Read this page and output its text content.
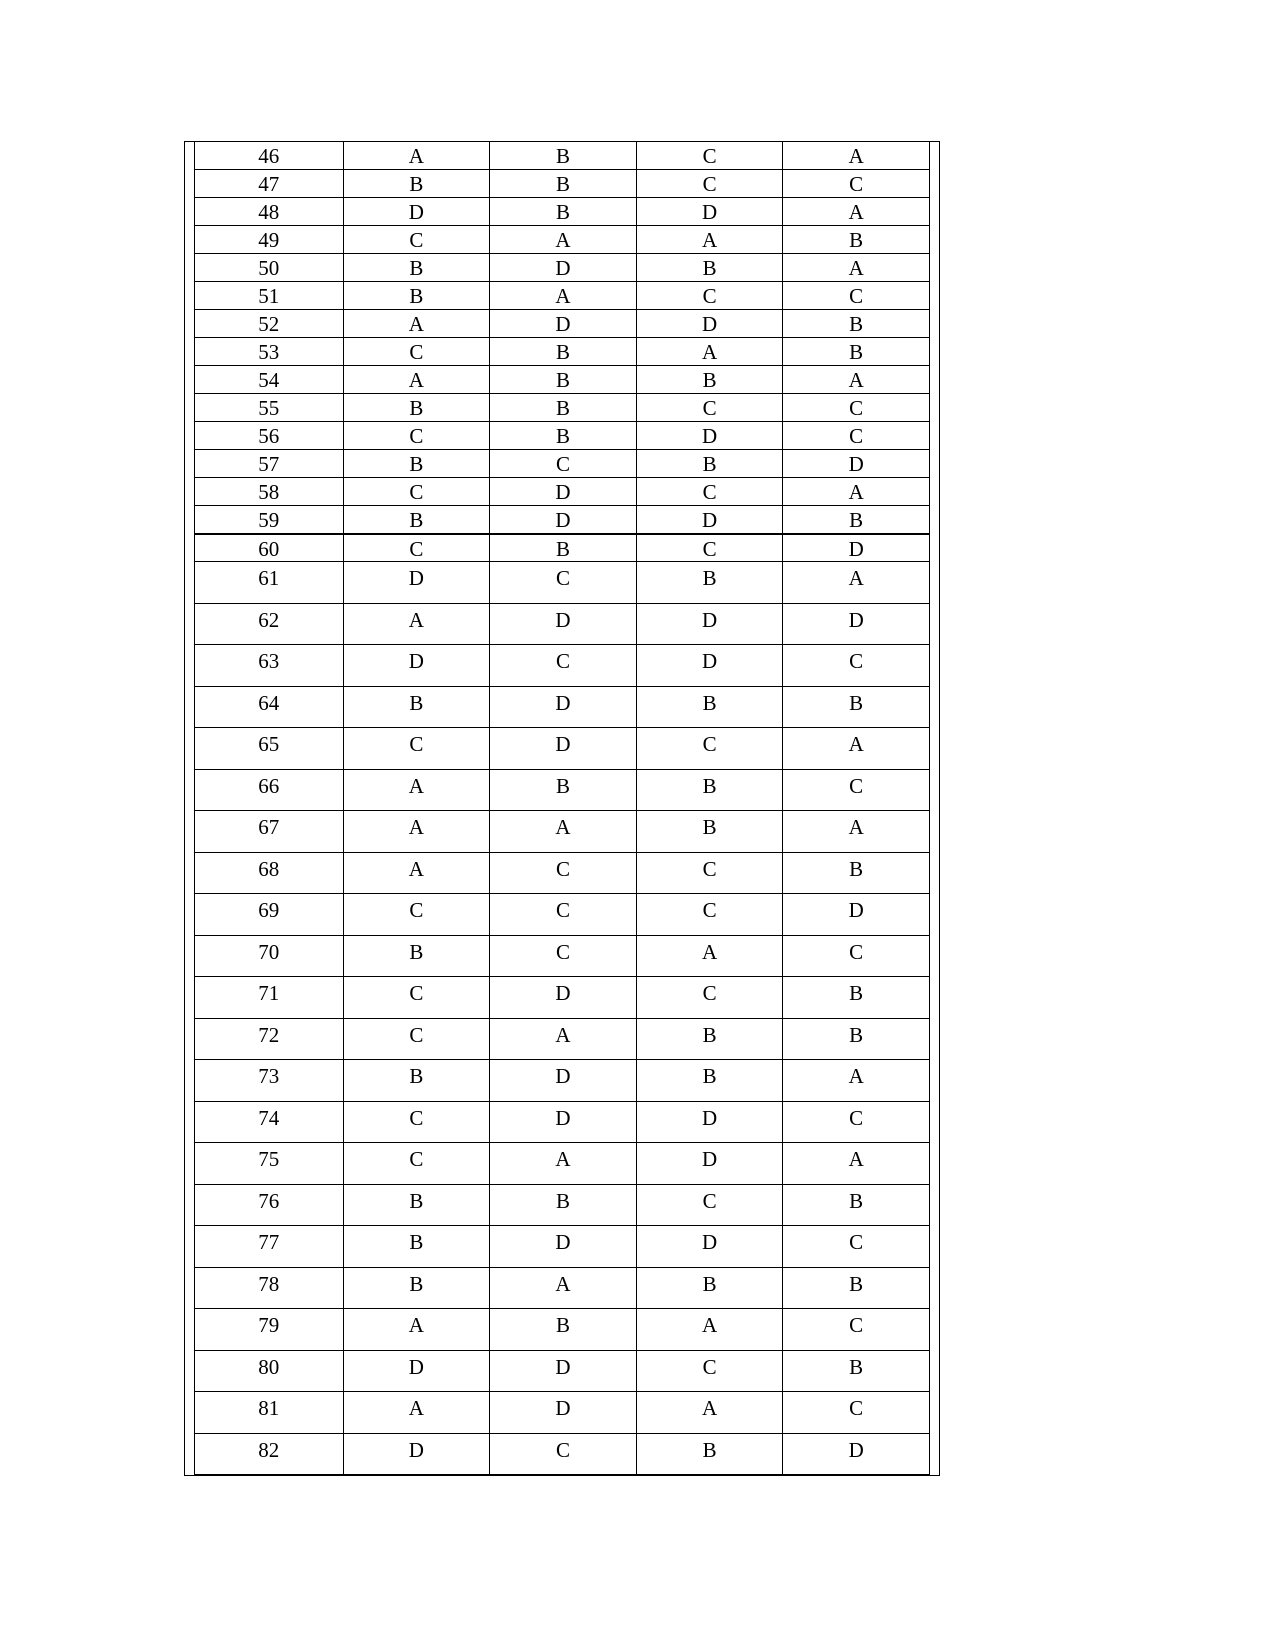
46	A	B	C	A
47	B	B	C	C
48	D	B	D	A
49	C	A	A	B
50	B	D	B	A
51	B	A	C	C
52	A	D	D	B
53	C	B	A	B
54	A	B	B	A
55	B	B	C	C
56	C	B	D	C
57	B	C	B	D
58	C	D	C	A
59	B	D	D	B
60	C	B	C	D
61	D	C	B	A
62	A	D	D	D
63	D	C	D	C
64	B	D	B	B
65	C	D	C	A
66	A	B	B	C
67	A	A	B	A
68	A	C	C	B
69	C	C	C	D
70	B	C	A	C
71	C	D	C	B
72	C	A	B	B
73	B	D	B	A
74	C	D	D	C
75	C	A	D	A
76	B	B	C	B
77	B	D	D	C
78	B	A	B	B
79	A	B	A	C
80	D	D	C	B
81	A	D	A	C
82	D	C	B	D
